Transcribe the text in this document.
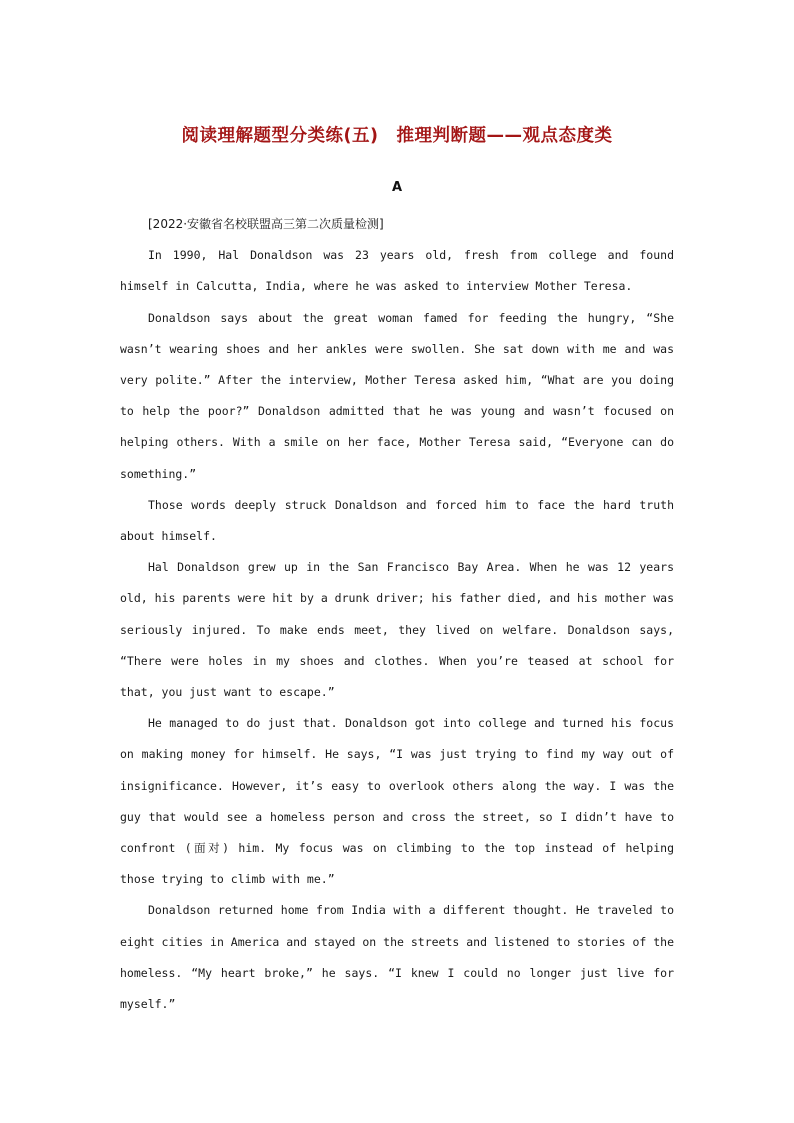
阅读理解题型分类练(五)　推理判断题——观点态度类
A

[2022·安徽省名校联盟高三第二次质量检测]

In 1990, Hal Donaldson was 23 years old, fresh from college and found himself in Calcutta, India, where he was asked to interview Mother Teresa.

Donaldson says about the great woman famed for feeding the hungry, “She wasn’t wearing shoes and her ankles were swollen. She sat down with me and was very polite.” After the interview, Mother Teresa asked him, “What are you doing to help the poor?” Donaldson admitted that he was young and wasn’t focused on helping others. With a smile on her face, Mother Teresa said, “Everyone can do something.”

Those words deeply struck Donaldson and forced him to face the hard truth about himself.

Hal Donaldson grew up in the San Francisco Bay Area. When he was 12 years old, his parents were hit by a drunk driver; his father died, and his mother was seriously injured. To make ends meet, they lived on welfare. Donaldson says, “There were holes in my shoes and clothes. When you’re teased at school for that, you just want to escape.”

He managed to do just that. Donaldson got into college and turned his focus on making money for himself. He says, “I was just trying to find my way out of insignificance. However, it’s easy to overlook others along the way. I was the guy that would see a homeless person and cross the street, so I didn’t have to confront (面对) him. My focus was on climbing to the top instead of helping those trying to climb with me.”

Donaldson returned home from India with a different thought. He traveled to eight cities in America and stayed on the streets and listened to stories of the homeless. “My heart broke,” he says. “I knew I could no longer just live for myself.”
